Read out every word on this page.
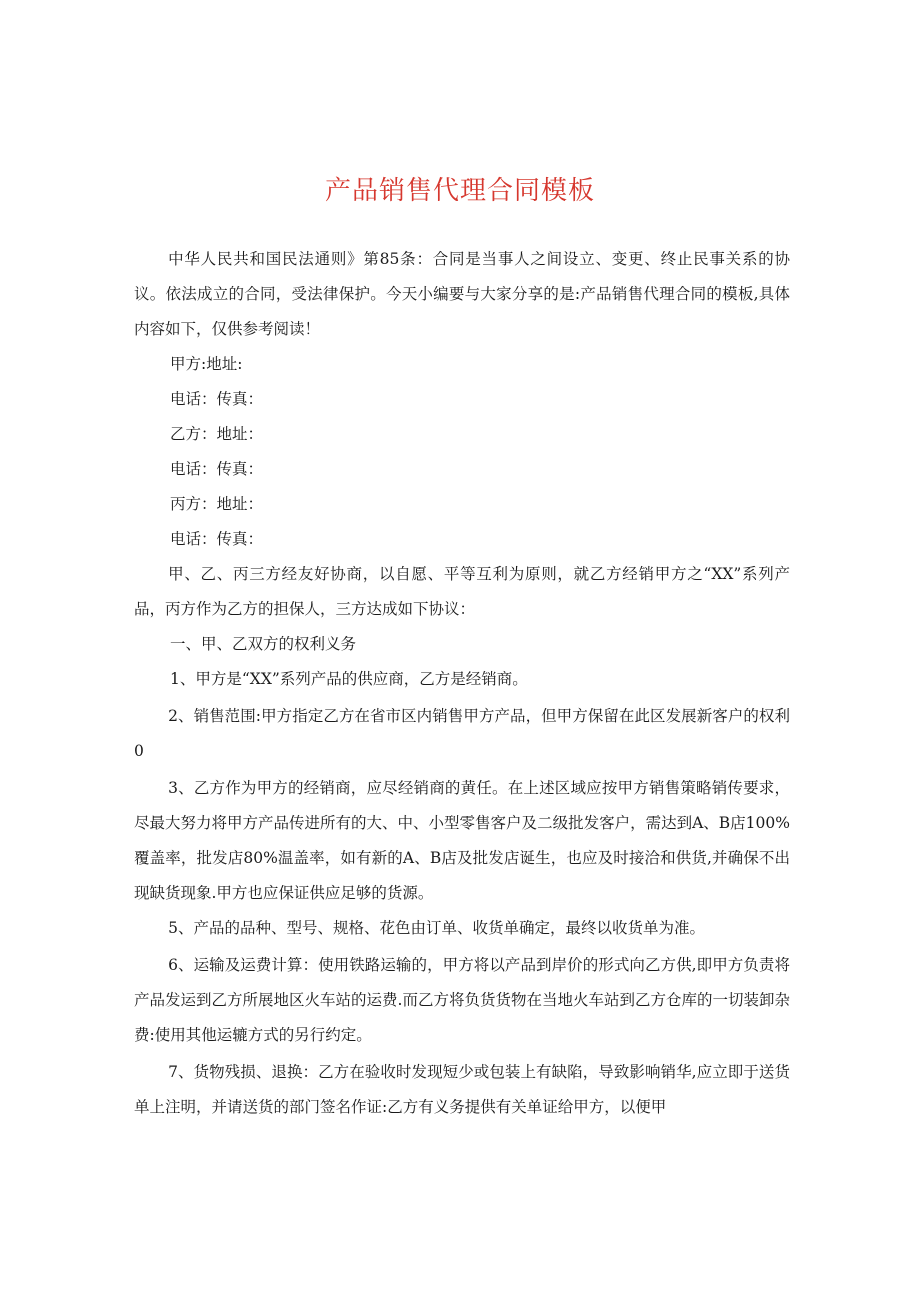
产品销售代理合同模板

中华人民共和国民法通则》第85条：合同是当事人之间设立、变更、终止民事关系的协议。依法成立的合同，受法律保护。今天小编要与大家分享的是:产品销售代理合同的模板,具体内容如下，仅供参考阅读！

甲方:地址:

电话：传真：

乙方：地址：

电话：传真：

丙方：地址：

电话：传真：

甲、乙、丙三方经友好协商，以自愿、平等互利为原则，就乙方经销甲方之“XX”系列产品，丙方作为乙方的担保人，三方达成如下协议：

一、甲、乙双方的权利义务

1、甲方是“XX”系列产品的供应商，乙方是经销商。

2、销售范围:甲方指定乙方在省市区内销售甲方产品，但甲方保留在此区发展新客户的权利0

3、乙方作为甲方的经销商，应尽经销商的黄任。在上述区域应按甲方销售策略销传要求，尽最大努力将甲方产品传进所有的大、中、小型零售客户及二级批发客户，需达到A、B店100%覆盖率，批发店80%温盖率，如有新的A、B店及批发店诞生，也应及时接洽和供货,并确保不出现缺货现象.甲方也应保证供应足够的货源。

5、产品的品种、型号、规格、花色由订单、收货单确定，最终以收货单为准。

6、运输及运费计算：使用铁路运输的，甲方将以产品到岸价的形式向乙方供,即甲方负责将产品发运到乙方所展地区火车站的运费.而乙方将负货货物在当地火车站到乙方仓库的一切装卸杂费:使用其他运辘方式的另行约定。

7、货物残损、退换：乙方在验收时发现短少或包装上有缺陷，导致影响销华,应立即于送货单上注明，并请送货的部门签名作证:乙方有义务提供有关单证给甲方，以便甲
